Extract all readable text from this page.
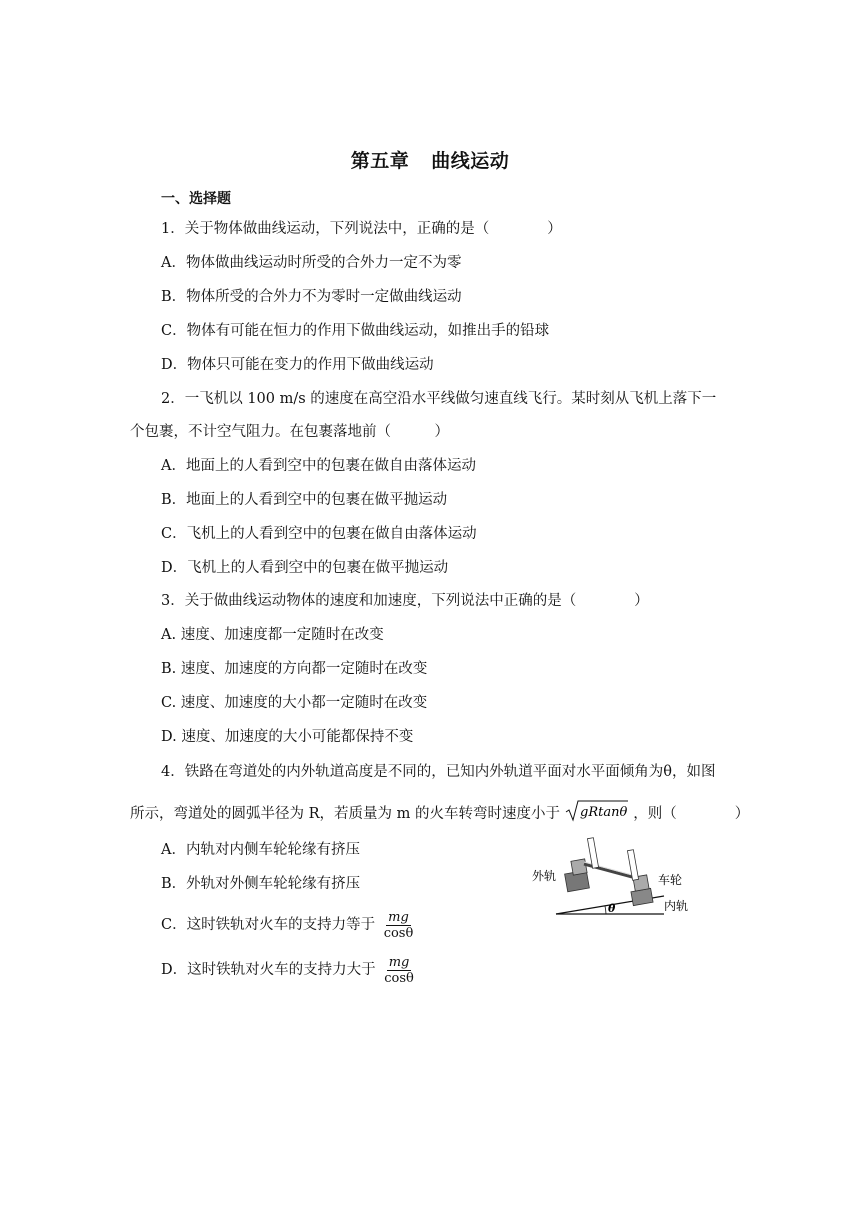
第五章 曲线运动
一、选择题
1．关于物体做曲线运动，下列说法中，正确的是（　　　　）
A．物体做曲线运动时所受的合外力一定不为零
B．物体所受的合外力不为零时一定做曲线运动
C．物体有可能在恒力的作用下做曲线运动，如推出手的铅球
D．物体只可能在变力的作用下做曲线运动
2．一飞机以 100 m/s 的速度在高空沿水平线做匀速直线飞行。某时刻从飞机上落下一
个包裹，不计空气阻力。在包裹落地前（　　　）
A．地面上的人看到空中的包裹在做自由落体运动
B．地面上的人看到空中的包裹在做平抛运动
C．飞机上的人看到空中的包裹在做自由落体运动
D．飞机上的人看到空中的包裹在做平抛运动
3．关于做曲线运动物体的速度和加速度，下列说法中正确的是（　　　　）
A. 速度、加速度都一定随时在改变
B. 速度、加速度的方向都一定随时在改变
C. 速度、加速度的大小都一定随时在改变
D. 速度、加速度的大小可能都保持不变
4．铁路在弯道处的内外轨道高度是不同的，已知内外轨道平面对水平面倾角为θ，如图
所示，弯道处的圆弧半径为 R，若质量为 m 的火车转弯时速度小于 gRtanθ ，则（　　　　）
A．内轨对内侧车轮轮缘有挤压
B．外轨对外侧车轮轮缘有挤压
C．这时铁轨对火车的支持力等于 $\frac{mg}{\cos\theta}$
D．这时铁轨对火车的支持力大于 $\frac{mg}{\cos\theta}$
外轨	车轮
内轨
θ
